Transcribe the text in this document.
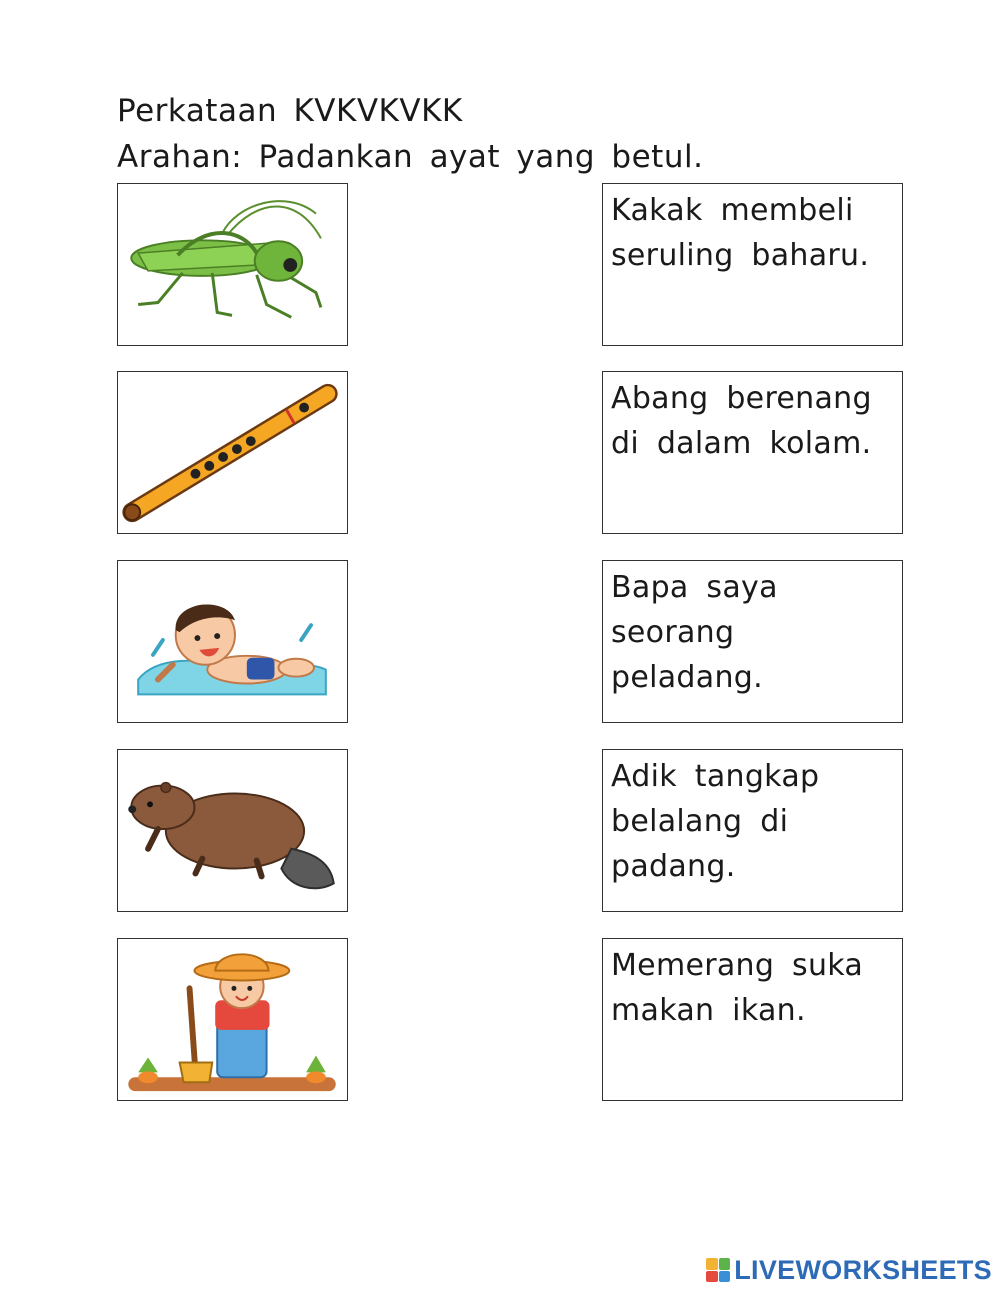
Perkataan KVKVKVKK
Arahan: Padankan ayat yang betul.

Kakak membeli seruling baharu.

Abang berenang di dalam kolam.

Bapa saya seorang peladang.

Adik tangkap belalang di padang.

Memerang suka makan ikan.

LIVEWORKSHEETS
